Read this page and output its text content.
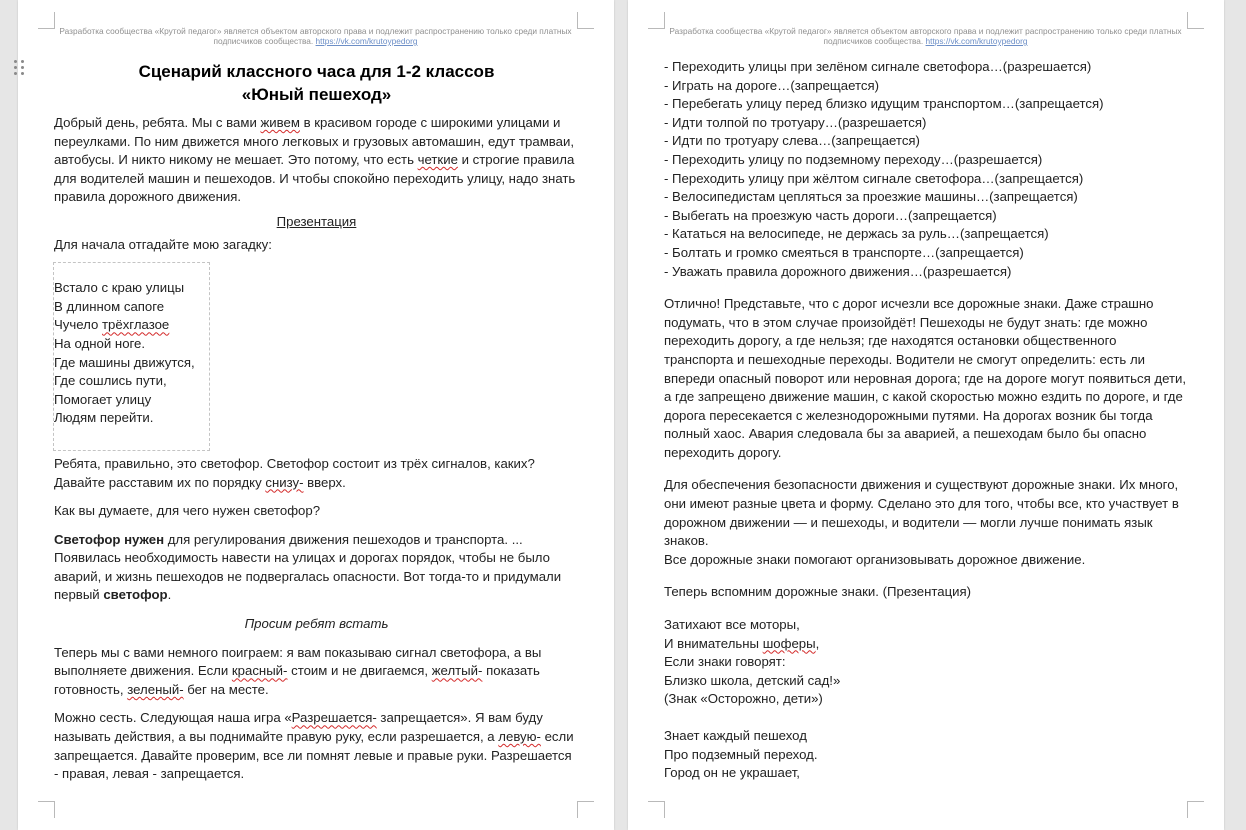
Разработка сообщества «Крутой педагог» является объектом авторского права и подлежит распространению только среди платных подписчиков сообщества. https://vk.com/krutoypedorg

Сценарий классного часа для 1-2 классов

«Юный пешеход»

Добрый день, ребята. Мы с вами живем в красивом городе с широкими улицами и переулками. По ним движется много легковых и грузовых автомашин, едут трамваи, автобусы. И никто никому не мешает. Это потому, что есть четкие и строгие правила для водителей машин и пешеходов. И чтобы спокойно переходить улицу, надо знать правила дорожного движения.

Презентация

Для начала отгадайте мою загадку:

Встало с краю улицы

В длинном сапоге

Чучело трёхглазое

На одной ноге.

Где машины движутся,

Где сошлись пути,

Помогает улицу

Людям перейти.

Ребята, правильно, это светофор. Светофор состоит из трёх сигналов, каких? Давайте расставим их по порядку снизу- вверх.

Как вы думаете, для чего нужен светофор?

Светофор нужен для регулирования движения пешеходов и транспорта. ... Появилась необходимость навести на улицах и дорогах порядок, чтобы не было аварий, и жизнь пешеходов не подвергалась опасности. Вот тогда-то и придумали первый светофор.

Просим ребят встать

Теперь мы с вами немного поиграем: я вам показываю сигнал светофора, а вы выполняете движения. Если красный- стоим и не двигаемся, желтый- показать готовность, зеленый- бег на месте.

Можно сесть. Следующая наша игра «Разрешается- запрещается». Я вам буду называть действия, а вы поднимайте правую руку, если разрешается, а левую- если запрещается. Давайте проверим, все ли помнят левые и правые руки. Разрешается - правая, левая - запрещается.

Разработка сообщества «Крутой педагог» является объектом авторского права и подлежит распространению только среди платных подписчиков сообщества. https://vk.com/krutoypedorg

- Переходить улицы при зелёном сигнале светофора…(разрешается)

- Играть на дороге…(запрещается)

- Перебегать улицу перед близко идущим транспортом…(запрещается)

- Идти толпой по тротуару…(разрешается)

- Идти по тротуару слева…(запрещается)

- Переходить улицу по подземному переходу…(разрешается)

- Переходить улицу при жёлтом сигнале светофора…(запрещается)

- Велосипедистам цепляться за проезжие машины…(запрещается)

- Выбегать на проезжую часть дороги…(запрещается)

- Кататься на велосипеде, не держась за руль…(запрещается)

- Болтать и громко смеяться в транспорте…(запрещается)

- Уважать правила дорожного движения…(разрешается)

Отлично! Представьте, что с дорог исчезли все дорожные знаки. Даже страшно подумать, что в этом случае произойдёт! Пешеходы не будут знать: где можно переходить дорогу, а где нельзя; где находятся остановки общественного транспорта и пешеходные переходы. Водители не смогут определить: есть ли впереди опасный поворот или неровная дорога; где на дороге могут появиться дети, а где запрещено движение машин, с какой скоростью можно ездить по дороге, и где дорога пересекается с железнодорожными путями. На дорогах возник бы тогда полный хаос. Авария следовала бы за аварией, а пешеходам было бы опасно переходить дорогу.

Для обеспечения безопасности движения и существуют дорожные знаки. Их много, они имеют разные цвета и форму. Сделано это для того, чтобы все, кто участвует в дорожном движении — и пешеходы, и водители — могли лучше понимать язык знаков.

Все дорожные знаки помогают организовывать дорожное движение.

Теперь вспомним дорожные знаки. (Презентация)

Затихают все моторы,

И внимательны шоферы,

Если знаки говорят:

Близко школа, детский сад!»

(Знак «Осторожно, дети»)

Знает каждый пешеход

Про подземный переход.

Город он не украшает,
